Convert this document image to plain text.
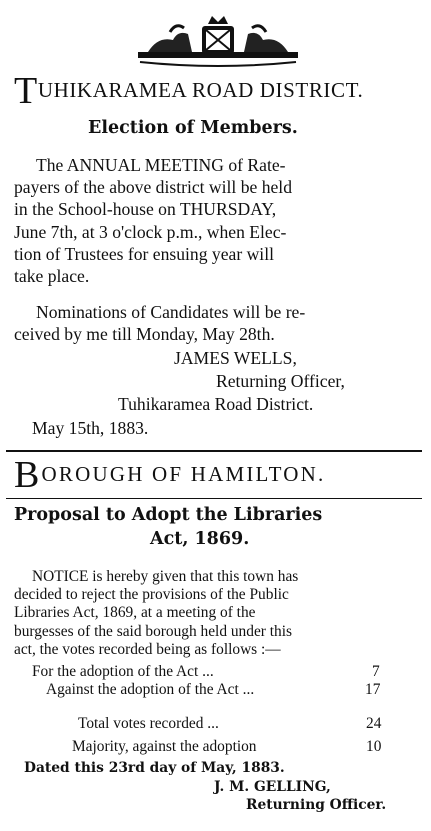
TUHIKARAMEA ROAD DISTRICT.
Election of Members.
The ANNUAL MEETING of Rate-
payers of the above district will be held
in the School-house on THURSDAY,
June 7th, at 3 o'clock p.m., when Elec-
tion of Trustees for ensuing year will
take place.
Nominations of Candidates will be re-
ceived by me till Monday, May 28th.
JAMES WELLS,
Returning Officer,
Tuhikaramea Road District.
May 15th, 1883.
BOROUGH OF HAMILTON.
Proposal to Adopt the Libraries
Act, 1869.
NOTICE is hereby given that this town has
decided to reject the provisions of the Public
Libraries Act, 1869, at a meeting of the
burgesses of the said borough held under this
act, the votes recorded being as follows :—
For the adoption of the Act ...	7
Against the adoption of the Act ...	17
Total votes recorded ...	24
Majority, against the adoption	10
Dated this 23rd day of May, 1883.
J. M. GELLING,
Returning Officer.
